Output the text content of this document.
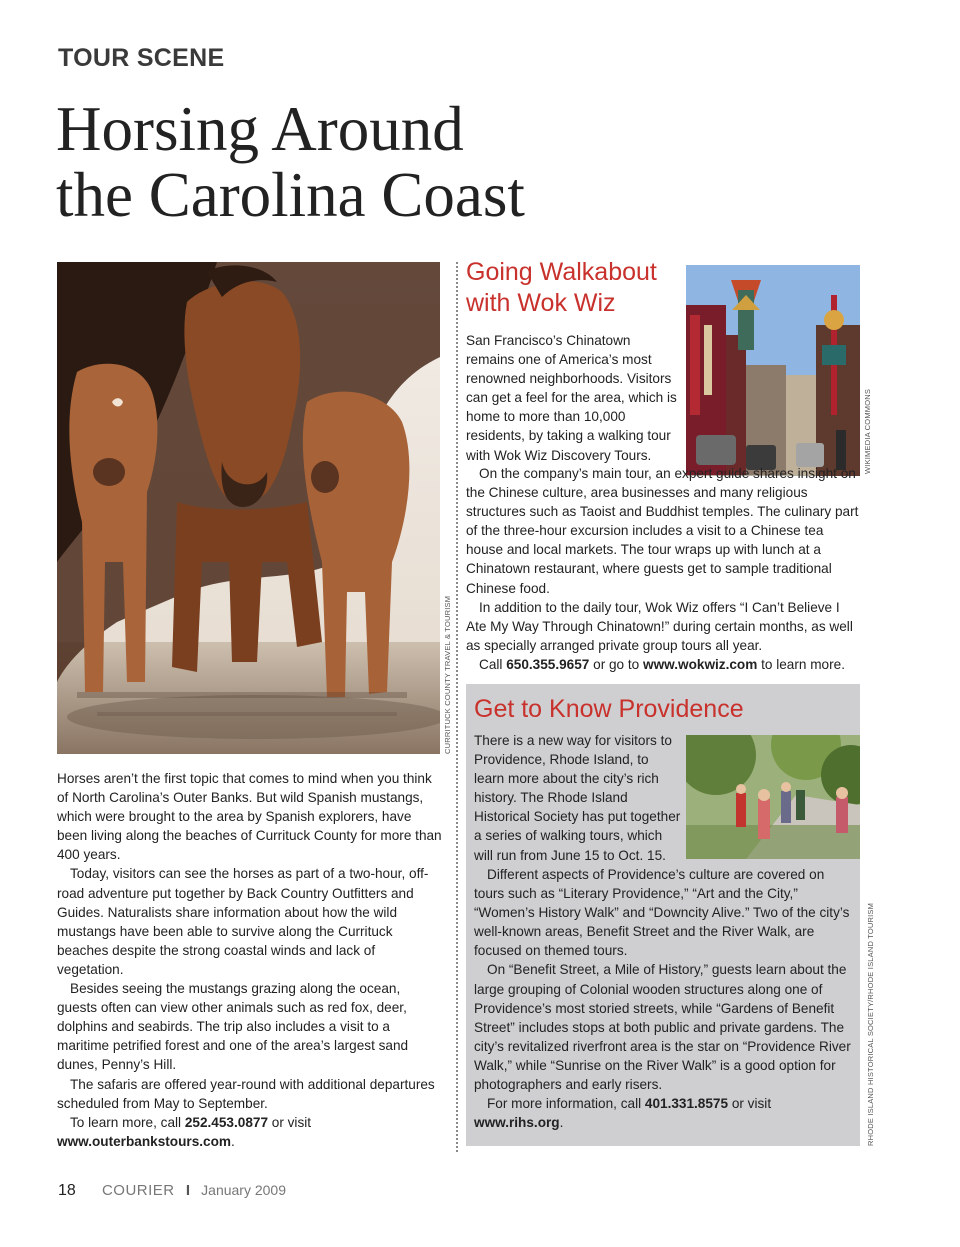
TOUR SCENE
Horsing Around
the Carolina Coast
CURRITUCK COUNTY TRAVEL & TOURISM

Horses aren’t the first topic that comes to mind when you think of North Carolina’s Outer Banks. But wild Spanish mustangs, which were brought to the area by Spanish explorers, have been living along the beaches of Currituck County for more than 400 years.

Today, visitors can see the horses as part of a two-hour, off-road adventure put together by Back Country Outfitters and Guides. Naturalists share information about how the wild mustangs have been able to survive along the Currituck beaches despite the strong coastal winds and lack of vegetation.

Besides seeing the mustangs grazing along the ocean, guests often can view other animals such as red fox, deer, dolphins and seabirds. The trip also includes a visit to a maritime petrified forest and one of the area’s largest sand dunes, Penny’s Hill.

The safaris are offered year-round with additional departures scheduled from May to September.

To learn more, call 252.453.0877 or visit
www.outerbankstours.com.

Going Walkabout
with Wok Wiz
WIKIMEDIA COMMONS

San Francisco’s Chinatown remains one of America’s most renowned neighborhoods. Visitors can get a feel for the area, which is home to more than 10,000 residents, by taking a walking tour with Wok Wiz Discovery Tours.

On the company’s main tour, an expert guide shares insight on the Chinese culture, area businesses and many religious structures such as Taoist and Buddhist temples. The culinary part of the three-hour excursion includes a visit to a Chinese tea house and local markets. The tour wraps up with lunch at a Chinatown restaurant, where guests get to sample traditional Chinese food.

In addition to the daily tour, Wok Wiz offers “I Can’t Believe I Ate My Way Through Chinatown!” during certain months, as well as specially arranged private group tours all year.

Call 650.355.9657 or go to www.wokwiz.com to learn more.

Get to Know Providence
RHODE ISLAND HISTORICAL SOCIETY/RHODE ISLAND TOURISM

There is a new way for visitors to Providence, Rhode Island, to learn more about the city’s rich history. The Rhode Island Historical Society has put together a series of walking tours, which will run from June 15 to Oct. 15.

Different aspects of Providence’s culture are covered on tours such as “Literary Providence,” “Art and the City,” “Women’s History Walk” and “Downcity Alive.” Two of the city’s well-known areas, Benefit Street and the River Walk, are focused on themed tours.

On “Benefit Street, a Mile of History,” guests learn about the large grouping of Colonial wooden structures along one of Providence’s most storied streets, while “Gardens of Benefit Street” includes stops at both public and private gardens. The city’s revitalized riverfront area is the star on “Providence River Walk,” while “Sunrise on the River Walk” is a good option for photographers and early risers.

For more information, call 401.331.8575 or visit
www.rihs.org.

18 COURIER I January 2009
